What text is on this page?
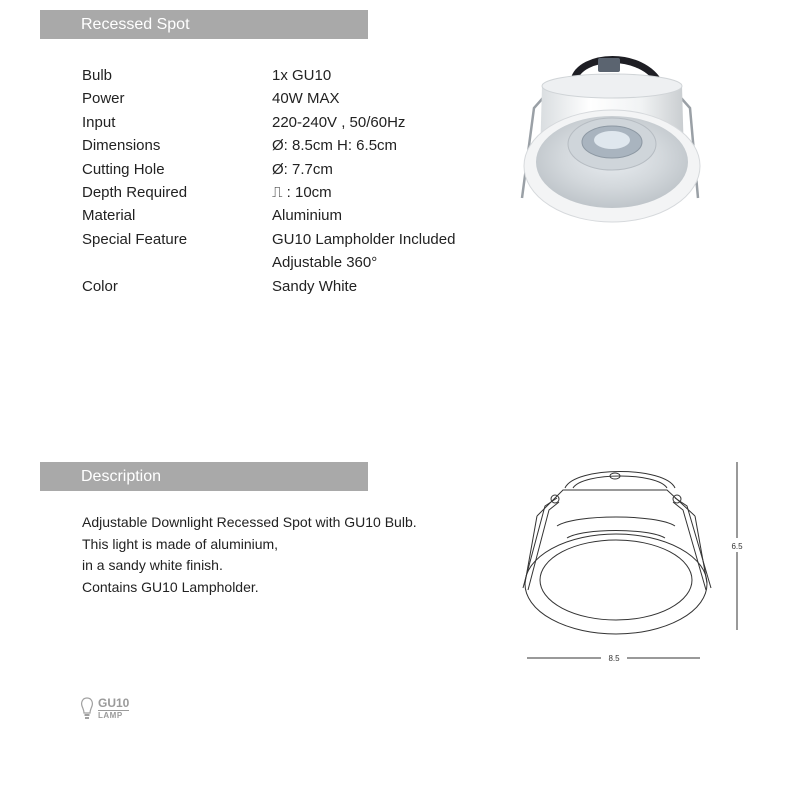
Recessed Spot
Bulb	1x GU10
Power	40W MAX
Input	220-240V , 50/60Hz
Dimensions	Ø: 8.5cm H: 6.5cm
Cutting Hole	Ø: 7.7cm
Depth Required	⎍ : 10cm
Material	Aluminium
Special Feature	GU10 Lampholder Included
Adjustable 360°
Color	Sandy White
Description
Adjustable Downlight Recessed Spot with GU10 Bulb.
This light is made of aluminium,
in a sandy white finish.
Contains GU10 Lampholder.
6.5
8.5
GU10
LAMP
